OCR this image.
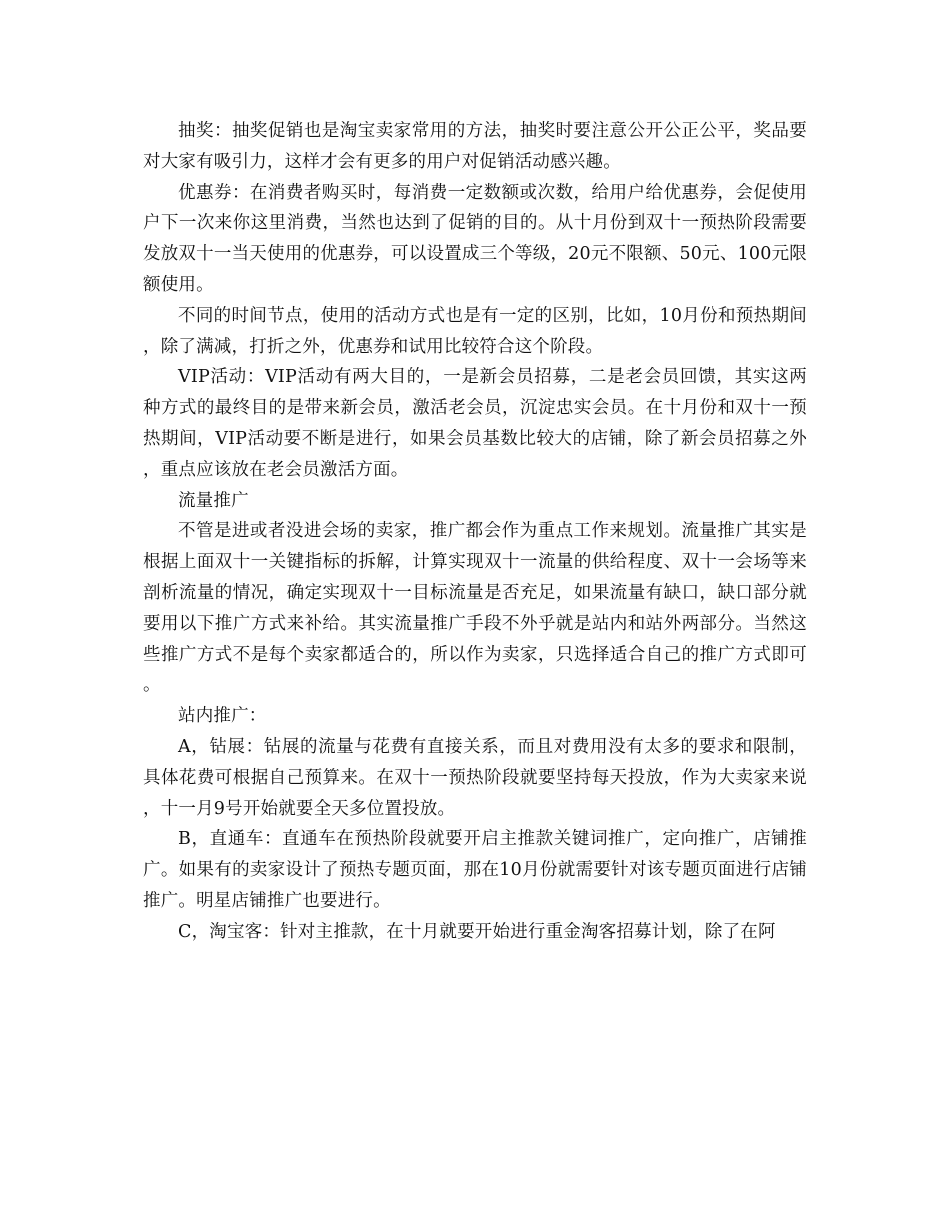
抽奖：抽奖促销也是淘宝卖家常用的方法，抽奖时要注意公开公正公平，奖品要对大家有吸引力，这样才会有更多的用户对促销活动感兴趣。

优惠券：在消费者购买时，每消费一定数额或次数，给用户给优惠券，会促使用户下一次来你这里消费，当然也达到了促销的目的。从十月份到双十一预热阶段需要发放双十一当天使用的优惠券，可以设置成三个等级，20元不限额、50元、100元限额使用。

不同的时间节点，使用的活动方式也是有一定的区别，比如，10月份和预热期间，除了满减，打折之外，优惠券和试用比较符合这个阶段。

VIP活动：VIP活动有两大目的，一是新会员招募，二是老会员回馈，其实这两种方式的最终目的是带来新会员，激活老会员，沉淀忠实会员。在十月份和双十一预热期间，VIP活动要不断是进行，如果会员基数比较大的店铺，除了新会员招募之外，重点应该放在老会员激活方面。

流量推广

不管是进或者没进会场的卖家，推广都会作为重点工作来规划。流量推广其实是根据上面双十一关键指标的拆解，计算实现双十一流量的供给程度、双十一会场等来剖析流量的情况，确定实现双十一目标流量是否充足，如果流量有缺口，缺口部分就要用以下推广方式来补给。其实流量推广手段不外乎就是站内和站外两部分。当然这些推广方式不是每个卖家都适合的，所以作为卖家，只选择适合自己的推广方式即可。

站内推广：

A，钻展：钻展的流量与花费有直接关系，而且对费用没有太多的要求和限制，具体花费可根据自己预算来。在双十一预热阶段就要坚持每天投放，作为大卖家来说，十一月9号开始就要全天多位置投放。

B，直通车：直通车在预热阶段就要开启主推款关键词推广，定向推广，店铺推广。如果有的卖家设计了预热专题页面，那在10月份就需要针对该专题页面进行店铺推广。明星店铺推广也要进行。

C，淘宝客：针对主推款，在十月就要开始进行重金淘客招募计划，除了在阿
